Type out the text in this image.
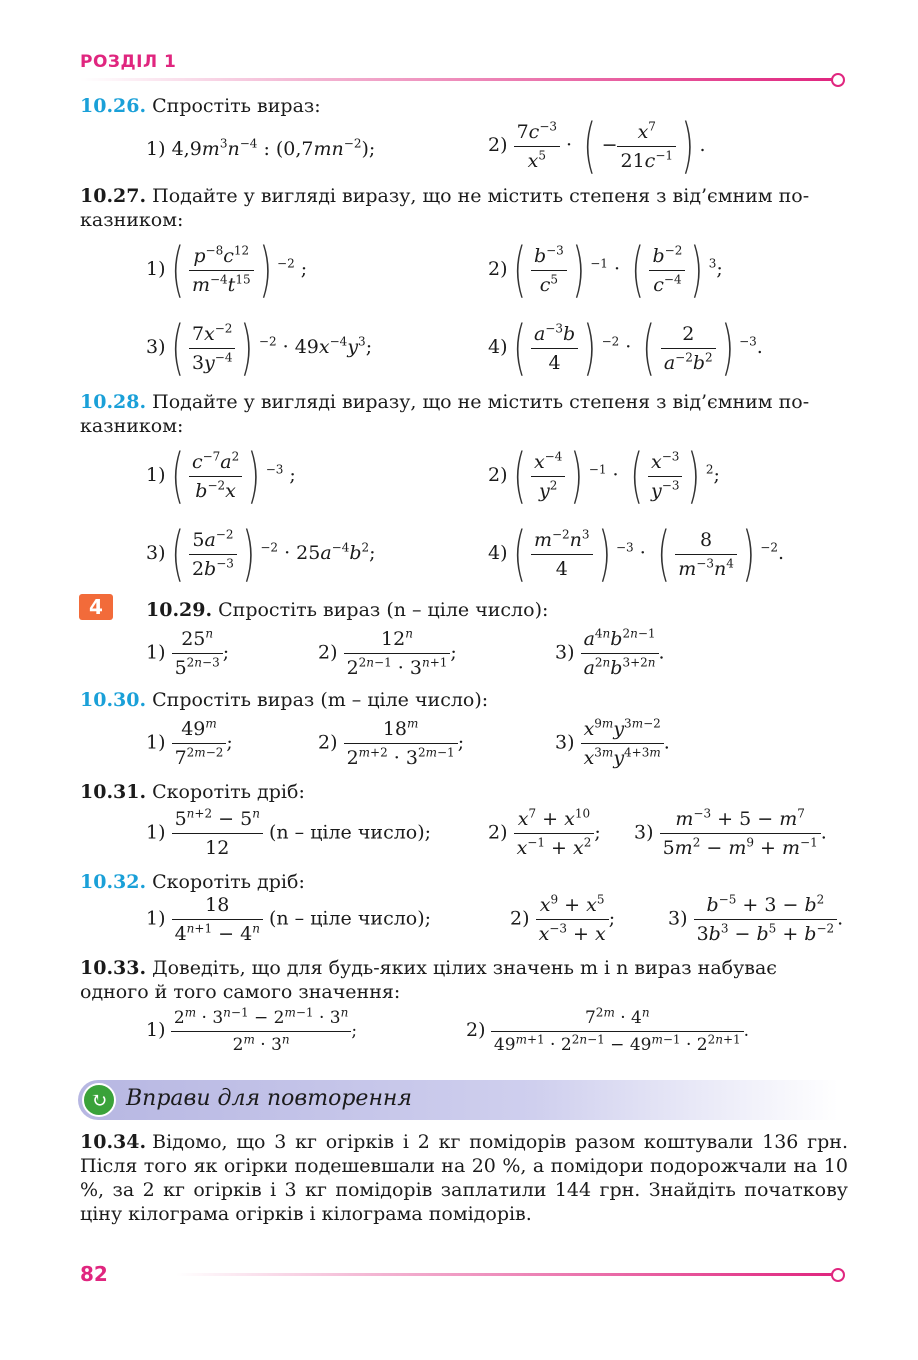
РОЗДІЛ 1
10.26. Спростіть вираз:
1) $4,9m^3n^{-4}$ : $(0,7mn^{-2})$;	$2) \frac{7c^{-3}}{x^5}$ · ( − $\frac{x^7}{21c^{-1}}$ ) .
10.27. Подайте у вигляді виразу, що не містить степеня з від’ємним по-казником:
$1)( \frac{p^{-8}c^{12}}{m^{-4}t^{15}}$ ) $^{-2}$ ;	$2)( \frac{b^{-3}}{c^5}$ ) $^{-1}$ · ( $\frac{b^{-2}}{c^{-4}}$ ) $^3$;
$3)( \frac{7x^{-2}}{3y^{-4}}$ ) $^{-2} \cdot 49x^{-4}y^3$;	$4)( \frac{a^{-3}b}{4}$ ) $^{-2}$ · ( $\frac{2}{a^{-2}b^2}$ ) $^{-3}$.
10.28. Подайте у вигляді виразу, що не містить степеня з від’ємним по-казником:
$1)( \frac{c^{-7}a^2}{b^{-2}x}$ ) $^{-3}$ ;	$2)( \frac{x^{-4}}{y^2}$ ) $^{-1}$ · ( $\frac{x^{-3}}{y^{-3}}$ ) $^2$;
$3)( \frac{5a^{-2}}{2b^{-3}}$ ) $^{-2} \cdot 25a^{-4}b^2$;	$4)( \frac{m^{-2}n^3}{4}$ ) $^{-3}$ · ( $\frac{8}{m^{-3}n^4}$ ) $^{-2}$.
4	10.29. Спростіть вираз (n – ціле число):
$1) \frac{25^n}{5^{2n-3}}$ ;	$2) \frac{12^n}{2^{2n-1} \cdot 3^{n+1}}$ ;	$3) \frac{a^{4n}b^{2n-1}}{a^{2n}b^{3+2n}}$ .
10.30. Спростіть вираз (m – ціле число):
$1) \frac{49^m}{7^{2m-2}}$ ;	$2) \frac{18^m}{2^{m+2} \cdot 3^{2m-1}}$ ;	$3) \frac{x^{9m}y^{3m-2}}{x^{3m}y^{4+3m}}$ .
10.31. Скоротіть дріб:
$1) \frac{5^{n+2} - 5^n}{12} (n$ – ціле число);	$2) \frac{x^7 + x^{10}}{x^{-1} + x^2}$ ; $3) \frac{m^{-3} + 5 - m^7}{5m^2 - m^9 + m^{-1}}$ .
10.32. Скоротіть дріб:
$1) \frac{18}{4^{n+1} - 4^n} (n$ – ціле число);	$2) \frac{x^9 + x^5}{x^{-3} + x}$ ;	$3) \frac{b^{-5} + 3 - b^2}{3b^3 - b^5 + b^{-2}}$ .
10.33. Доведіть, що для будь-яких цілих значень m і n вираз набуває одного й того самого значення:
$1) \frac{2^m \cdot 3^{n-1} - 2^{m-1} \cdot 3^n}{2^m \cdot 3^n}$ ;	$2) \frac{7^{2m} \cdot 4^n}{49^{m+1} \cdot 2^{2n-1} - 49^{m-1} \cdot 2^{2n+1}}$ .
↻ Вправи для повторення
10.34. Відомо, що 3 кг огірків і 2 кг помідорів разом коштували 136 грн. Після того як огірки подешевшали на 20 %, а помідори подорожчали на 10 %, за 2 кг огірків і 3 кг помідорів заплатили 144 грн. Знайдіть початкову ціну кілограма огірків і кілограма помідорів.
82
